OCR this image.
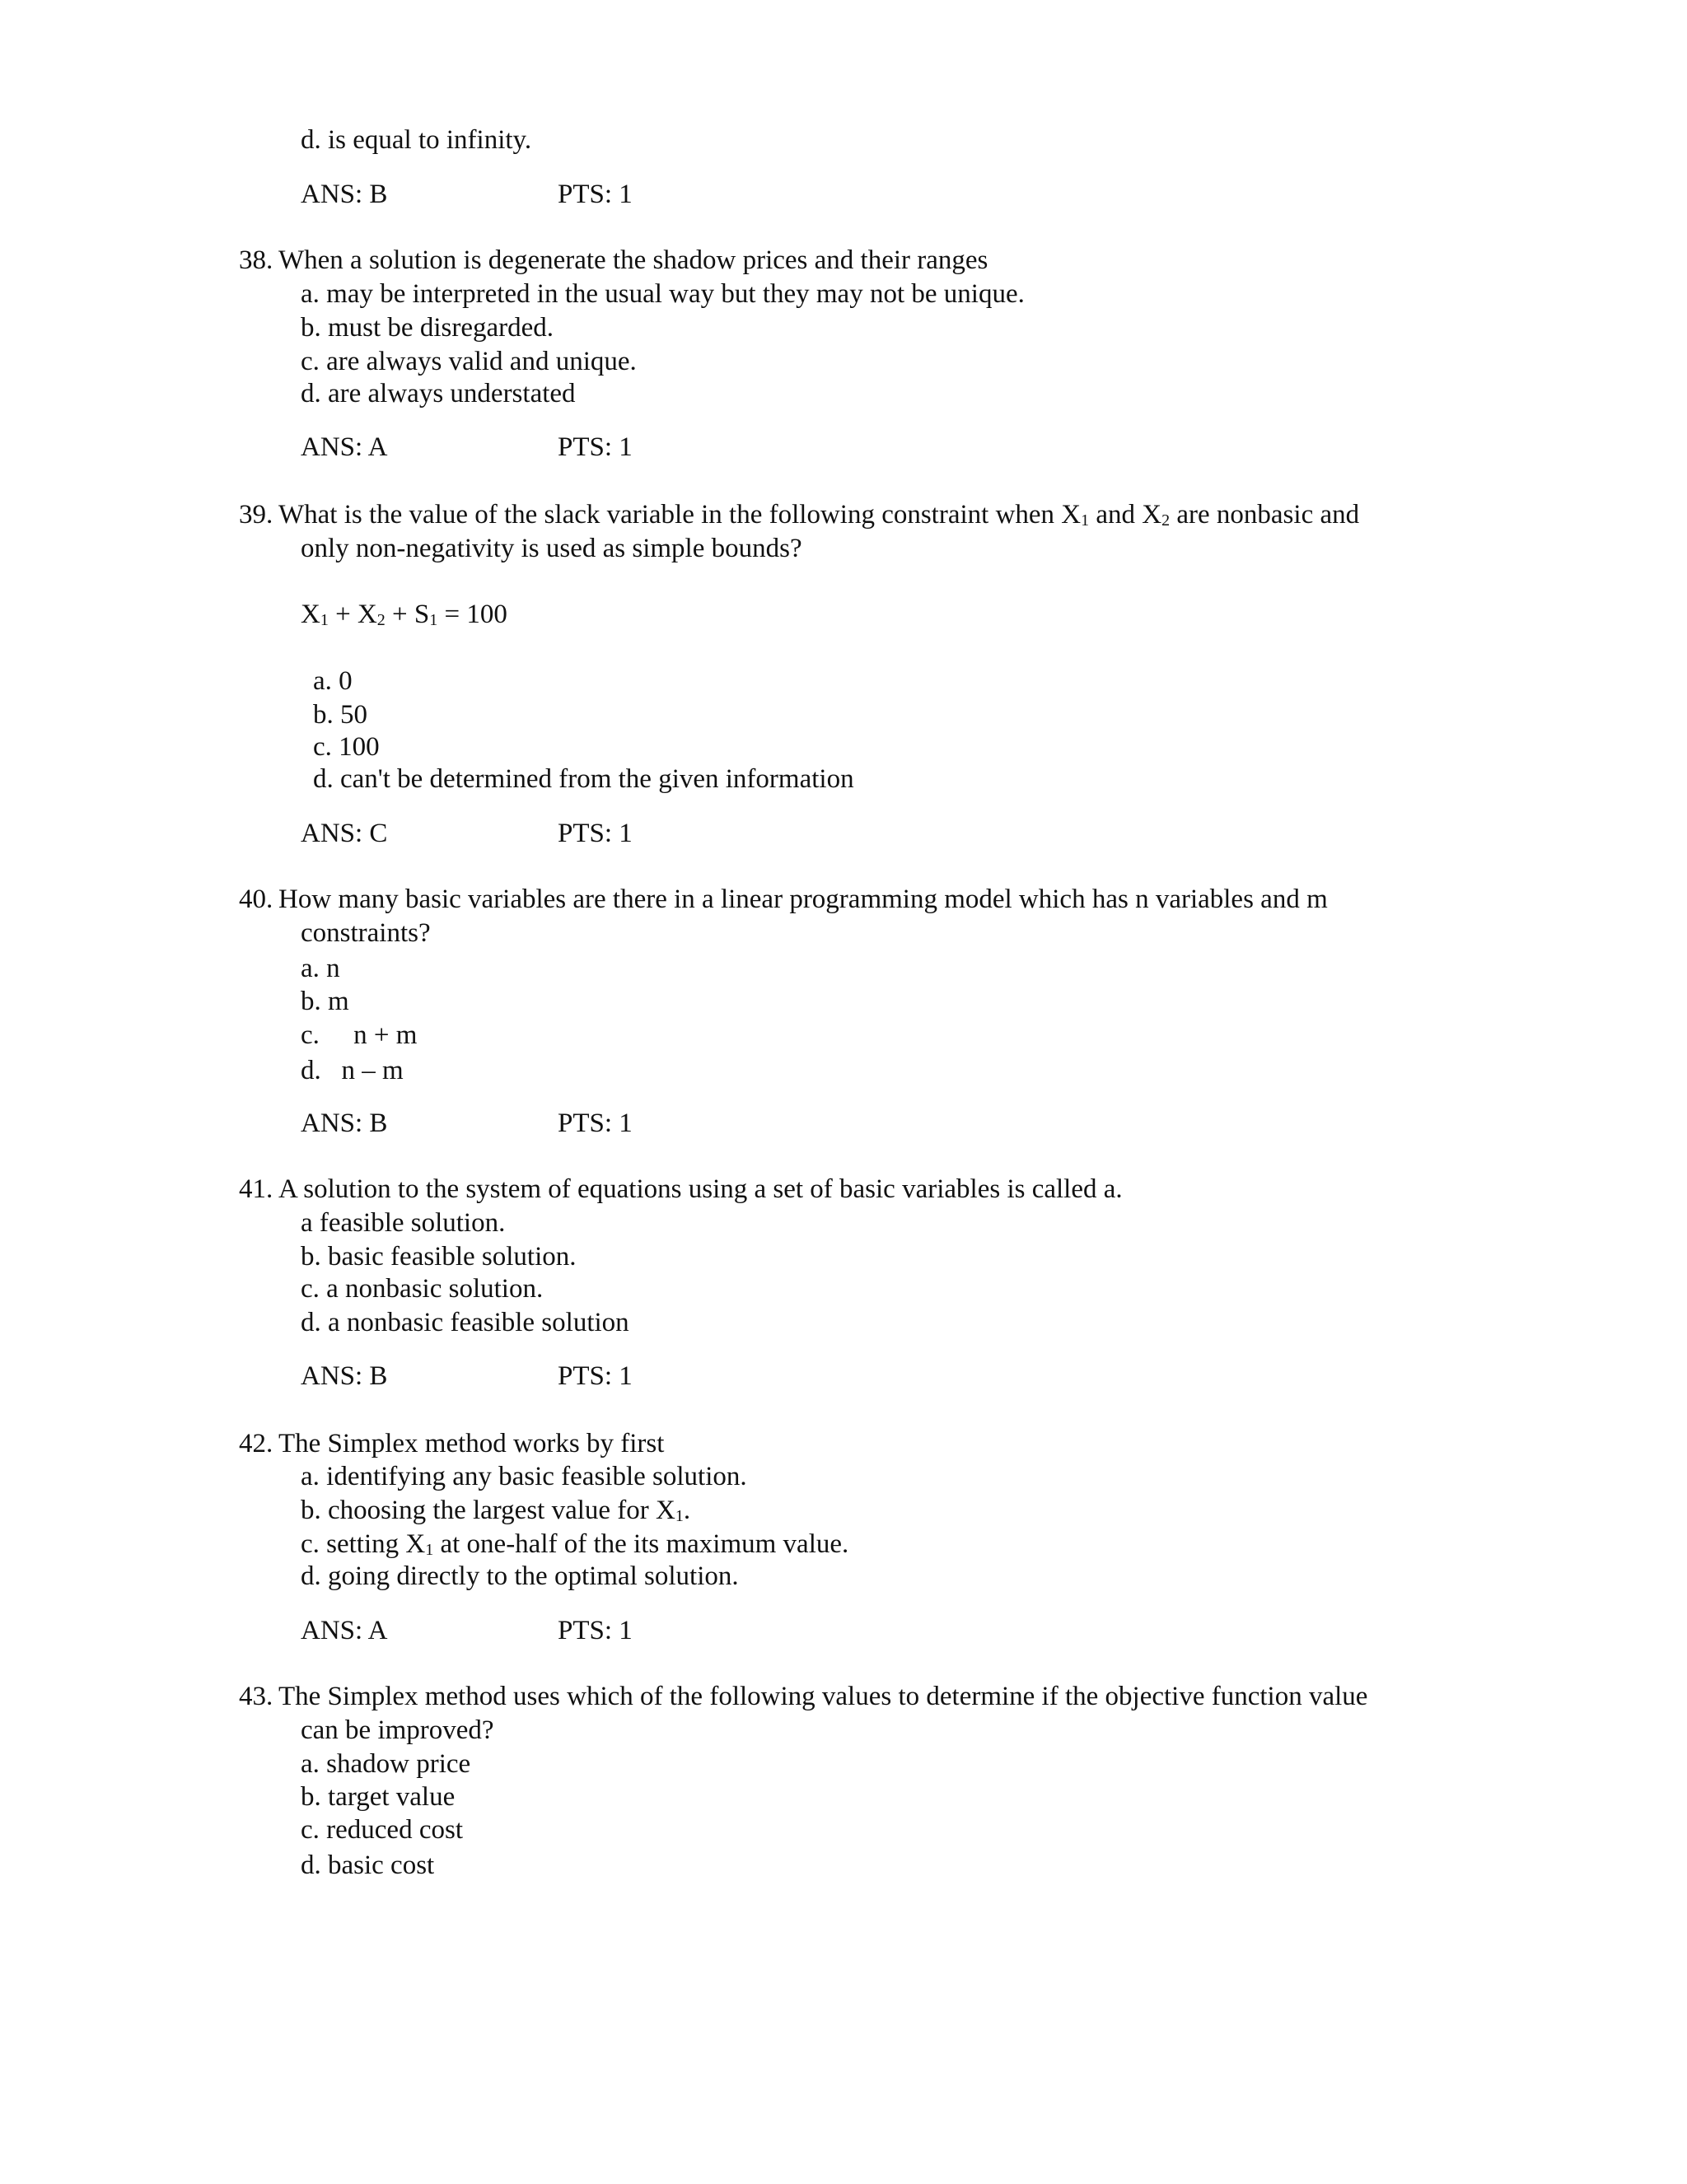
d. is equal to infinity.
ANS: B	PTS: 1
38. When a solution is degenerate the shadow prices and their ranges
a. may be interpreted in the usual way but they may not be unique.
b. must be disregarded.
c. are always valid and unique.
d. are always understated
ANS: A	PTS: 1
39. What is the value of the slack variable in the following constraint when $X_1$ and $X_2$ are nonbasic and
only non-negativity is used as simple bounds?
$X_1 + X_2 + S_1 = 100$
a. 0
b. 50
c. 100
d. can't be determined from the given information
ANS: C	PTS: 1
40. How many basic variables are there in a linear programming model which has n variables and m
constraints?
a. n
b. m
c.     n + m
d.   n – m
ANS: B	PTS: 1
41. A solution to the system of equations using a set of basic variables is called a.
a feasible solution.
b. basic feasible solution.
c. a nonbasic solution.
d. a nonbasic feasible solution
ANS: B	PTS: 1
42. The Simplex method works by first
a. identifying any basic feasible solution.
b. choosing the largest value for $X_1$.
c. setting $X_1$ at one-half of the its maximum value.
d. going directly to the optimal solution.
ANS: A	PTS: 1
43. The Simplex method uses which of the following values to determine if the objective function value
can be improved?
a. shadow price
b. target value
c. reduced cost
d. basic cost
